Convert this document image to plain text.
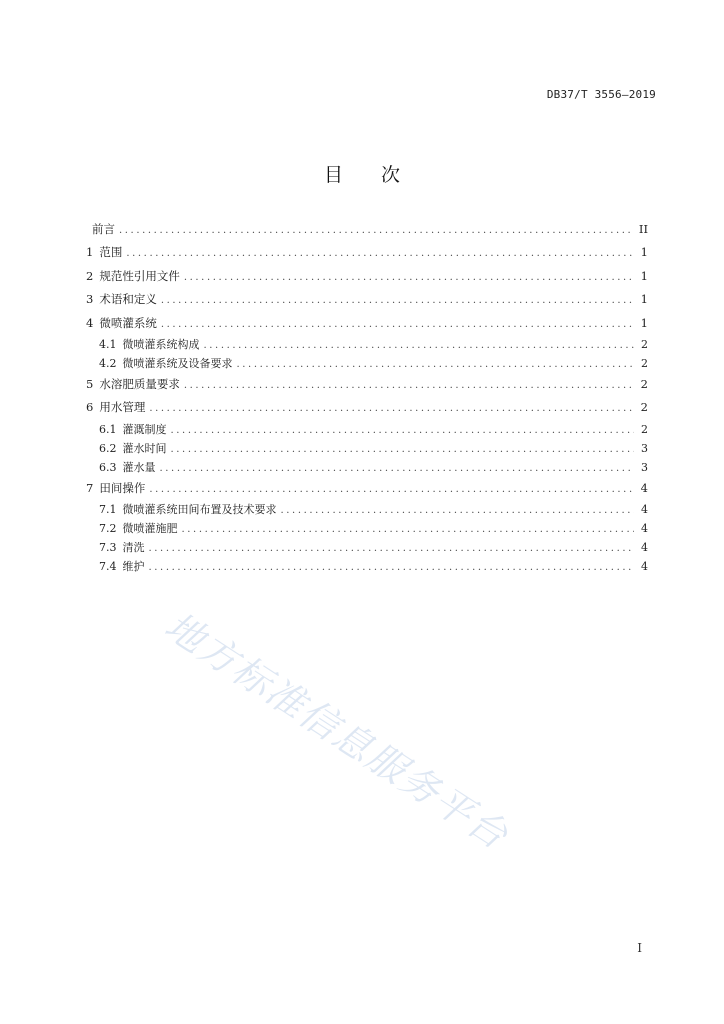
DB37/T 3556—2019
目 次
前言 .....	II
1 范围 .....	1
2 规范性引用文件 .....	1
3 术语和定义 .....	1
4 微喷灌系统 .....	1
4.1 微喷灌系统构成 .....	2
4.2 微喷灌系统及设备要求 .....	2
5 水溶肥质量要求 .....	2
6 用水管理 .....	2
6.1 灌溉制度 .....	2
6.2 灌水时间 .....	3
6.3 灌水量 .....	3
7 田间操作 .....	4
7.1 微喷灌系统田间布置及技术要求 .....	4
7.2 微喷灌施肥 .....	4
7.3 清洗 .....	4
7.4 维护 .....	4
地方标准信息服务平台
I
